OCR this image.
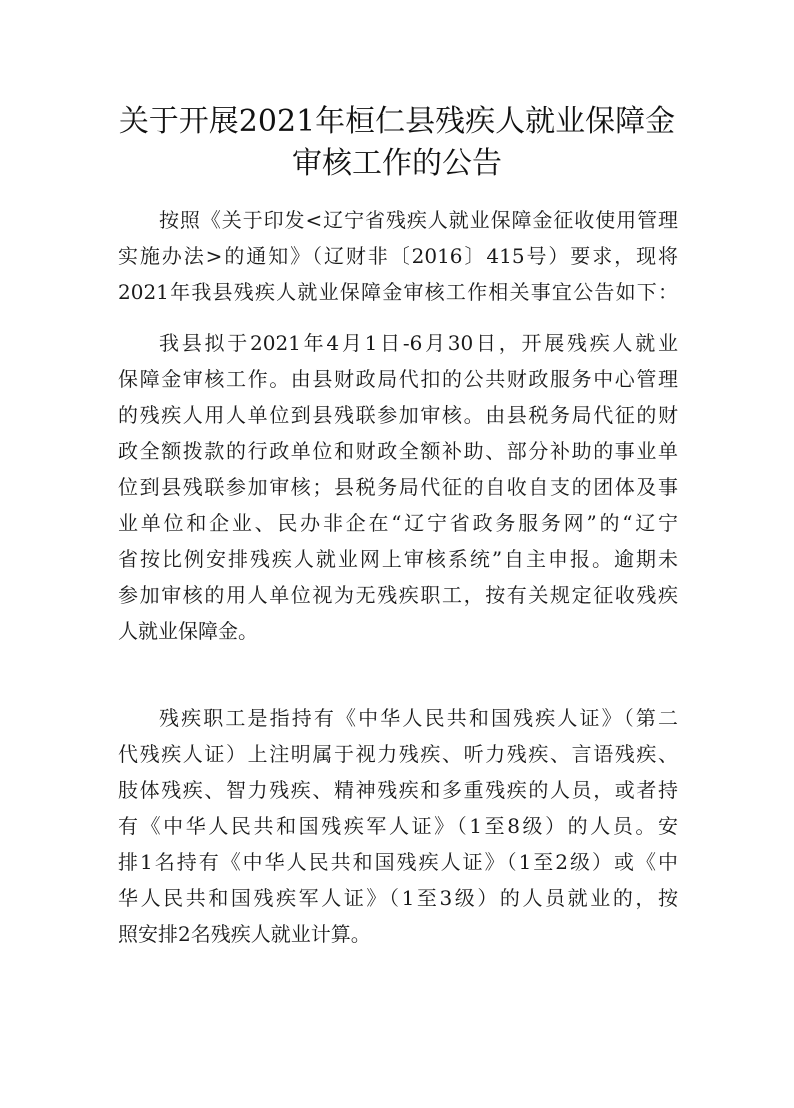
关于开展2021年桓仁县残疾人就业保障金
审核工作的公告
按照《关于印发<辽宁省残疾人就业保障金征收使用管理
实施办法>的通知》（辽财非〔2016〕415号）要求，现将
2021年我县残疾人就业保障金审核工作相关事宜公告如下：
我县拟于2021年4月1日-6月30日，开展残疾人就业
保障金审核工作。由县财政局代扣的公共财政服务中心管理
的残疾人用人单位到县残联参加审核。由县税务局代征的财
政全额拨款的行政单位和财政全额补助、部分补助的事业单
位到县残联参加审核；县税务局代征的自收自支的团体及事
业单位和企业、民办非企在“辽宁省政务服务网”的“辽宁
省按比例安排残疾人就业网上审核系统”自主申报。逾期未
参加审核的用人单位视为无残疾职工，按有关规定征收残疾
人就业保障金。
残疾职工是指持有《中华人民共和国残疾人证》（第二
代残疾人证）上注明属于视力残疾、听力残疾、言语残疾、
肢体残疾、智力残疾、精神残疾和多重残疾的人员，或者持
有《中华人民共和国残疾军人证》（1至8级）的人员。安
排1名持有《中华人民共和国残疾人证》（1至2级）或《中
华人民共和国残疾军人证》（1至3级）的人员就业的，按
照安排2名残疾人就业计算。
